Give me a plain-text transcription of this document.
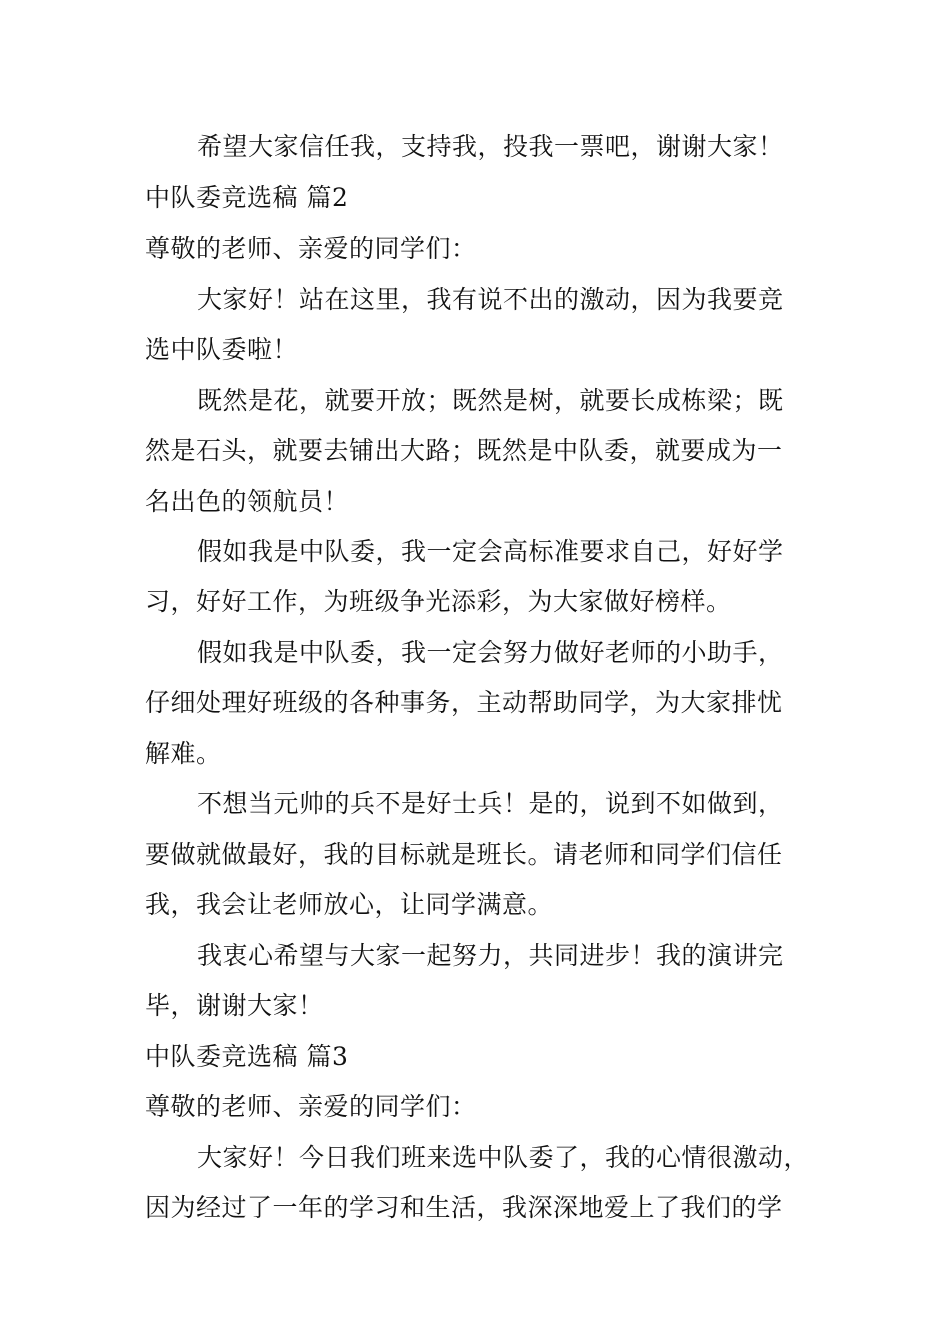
希望大家信任我，支持我，投我一票吧，谢谢大家！
中队委竞选稿 篇2
尊敬的老师、亲爱的同学们：
大家好！站在这里，我有说不出的激动，因为我要竞
选中队委啦！
既然是花，就要开放；既然是树，就要长成栋梁；既
然是石头，就要去铺出大路；既然是中队委，就要成为一
名出色的领航员！
假如我是中队委，我一定会高标准要求自己，好好学
习，好好工作，为班级争光添彩，为大家做好榜样。
假如我是中队委，我一定会努力做好老师的小助手，
仔细处理好班级的各种事务，主动帮助同学，为大家排忧
解难。
不想当元帅的兵不是好士兵！是的，说到不如做到，
要做就做最好，我的目标就是班长。请老师和同学们信任
我，我会让老师放心，让同学满意。
我衷心希望与大家一起努力，共同进步！我的演讲完
毕，谢谢大家！
中队委竞选稿 篇3
尊敬的老师、亲爱的同学们：
大家好！今日我们班来选中队委了，我的心情很激动，
因为经过了一年的学习和生活，我深深地爱上了我们的学
